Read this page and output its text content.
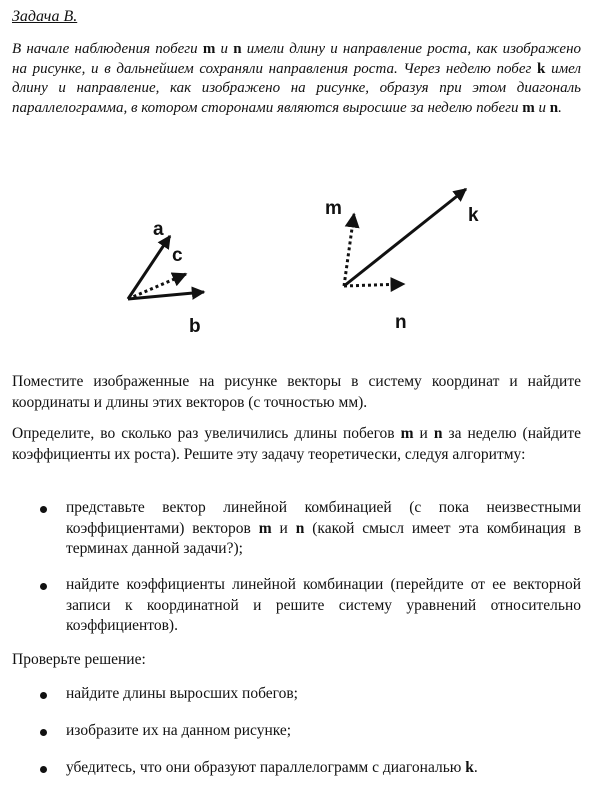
Задача В.
В начале наблюдения побеги m и n имели длину и направление роста, как изображено на рисунке, и в дальнейшем сохраняли направления роста. Через неделю побег k имел длину и направление, как изображено на рисунке, образуя при этом диагональ параллелограмма, в котором сторонами являются выросшие за неделю побеги m и n.
a
c
b
m	k
n
Поместите изображенные на рисунке векторы в систему координат и найдите координаты и длины этих векторов (с точностью мм).
Определите, во сколько раз увеличились длины побегов m и n за неделю (найдите коэффициенты их роста). Решите эту задачу теоретически, следуя алгоритму:
представьте вектор линейной комбинацией (с пока неизвестными коэффициентами) векторов m и n (какой смысл имеет эта комбинация в терминах данной задачи?);
найдите коэффициенты линейной комбинации (перейдите от ее векторной записи к координатной и решите систему уравнений относительно коэффициентов).
Проверьте решение:
найдите длины выросших побегов;
изобразите их на данном рисунке;
убедитесь, что они образуют параллелограмм с диагональю k.
